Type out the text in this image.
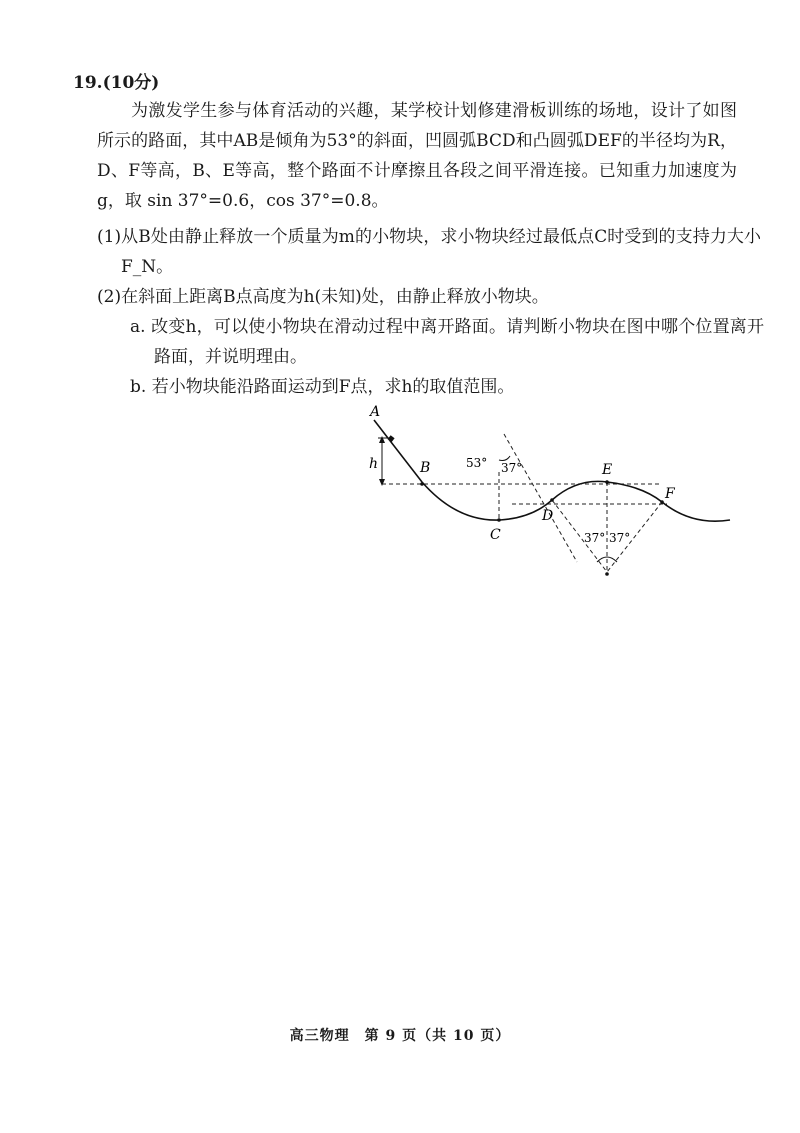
19.(10分)
为激发学生参与体育活动的兴趣，某学校计划修建滑板训练的场地，设计了如图所示的路面，其中AB是倾角为53°的斜面，凹圆弧BCD和凸圆弧DEF的半径均为R，D、F等高，B、E等高，整个路面不计摩擦且各段之间平滑连接。已知重力加速度为g，取 sin 37°=0.6，cos 37°=0.8。
(1)从B处由静止释放一个质量为m的小物块，求小物块经过最低点C时受到的支持力大小F_N。
(2)在斜面上距离B点高度为h(未知)处，由静止释放小物块。
a. 改变h，可以使小物块在滑动过程中离开路面。请判断小物块在图中哪个位置离开路面，并说明理由。
b. 若小物块能沿路面运动到F点，求h的取值范围。
A
B
C
D
E
F
h	53° 37°
37° 37°
高三物理　第 9 页（共 10 页）
